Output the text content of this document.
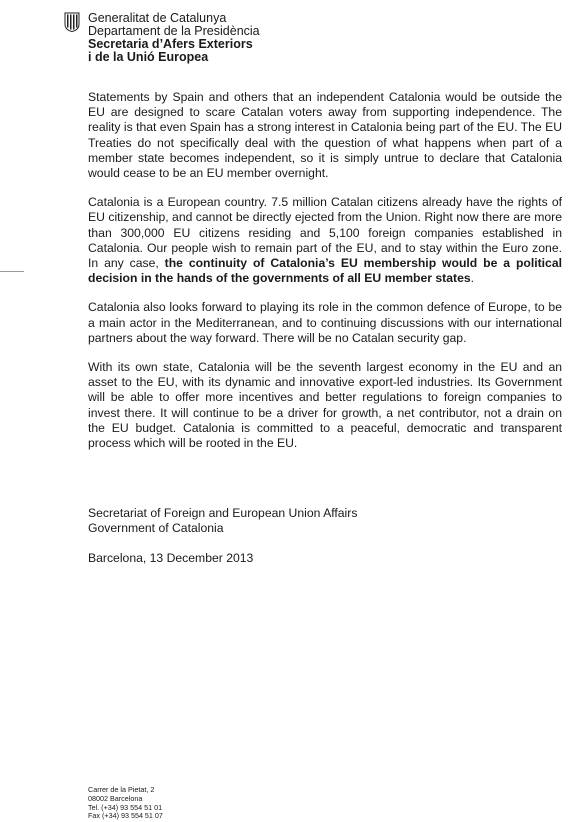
Generalitat de Catalunya
Departament de la Presidència
Secretaria d’Afers Exteriors
i de la Unió Europea

Statements by Spain and others that an independent Catalonia would be outside the EU are designed to scare Catalan voters away from supporting independence. The reality is that even Spain has a strong interest in Catalonia being part of the EU. The EU Treaties do not specifically deal with the question of what happens when part of a member state becomes independent, so it is simply untrue to declare that Catalonia would cease to be an EU member overnight.

Catalonia is a European country. 7.5 million Catalan citizens already have the rights of EU citizenship, and cannot be directly ejected from the Union. Right now there are more than 300,000 EU citizens residing and 5,100 foreign companies established in Catalonia. Our people wish to remain part of the EU, and to stay within the Euro zone. In any case, the continuity of Catalonia’s EU membership would be a political decision in the hands of the governments of all EU member states.

Catalonia also looks forward to playing its role in the common defence of Europe, to be a main actor in the Mediterranean, and to continuing discussions with our international partners about the way forward. There will be no Catalan security gap.

With its own state, Catalonia will be the seventh largest economy in the EU and an asset to the EU, with its dynamic and innovative export-led industries. Its Government will be able to offer more incentives and better regulations to foreign companies to invest there. It will continue to be a driver for growth, a net contributor, not a drain on the EU budget. Catalonia is committed to a peaceful, democratic and transparent process which will be rooted in the EU.

Secretariat of Foreign and European Union Affairs
Government of Catalonia
Barcelona, 13 December 2013
Carrer de la Pietat, 2
08002 Barcelona
Tel. (+34) 93 554 51 01
Fax (+34) 93 554 51 07
